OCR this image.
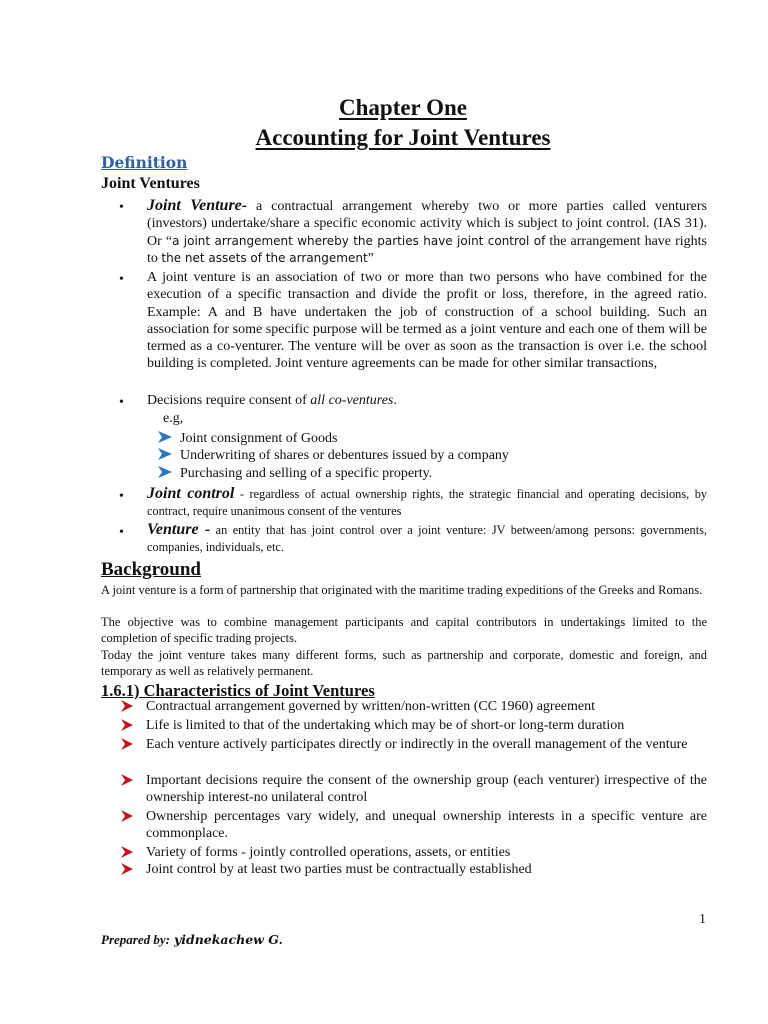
Chapter One
Accounting for Joint Ventures
Definition
Joint Ventures
• Joint Venture- a contractual arrangement whereby two or more parties called venturers (investors) undertake/share a specific economic activity which is subject to joint control. (IAS 31). Or “a joint arrangement whereby the parties have joint control of the arrangement have rights to the net assets of the arrangement”
• A joint venture is an association of two or more than two persons who have combined for the execution of a specific transaction and divide the profit or loss, therefore, in the agreed ratio. Example: A and B have undertaken the job of construction of a school building. Such an association for some specific purpose will be termed as a joint venture and each one of them will be termed as a co-venturer. The venture will be over as soon as the transaction is over i.e. the school building is completed. Joint venture agreements can be made for other similar transactions,
• Decisions require consent of all co-ventures.
e.g,
Joint consignment of Goods
Underwriting of shares or debentures issued by a company
Purchasing and selling of a specific property.
• Joint control - regardless of actual ownership rights, the strategic financial and operating decisions, by contract, require unanimous consent of the ventures
• Venture - an entity that has joint control over a joint venture: JV between/among persons: governments, companies, individuals, etc.
Background
A joint venture is a form of partnership that originated with the maritime trading expeditions of the Greeks and Romans.
The objective was to combine management participants and capital contributors in undertakings limited to the completion of specific trading projects.
Today the joint venture takes many different forms, such as partnership and corporate, domestic and foreign, and temporary as well as relatively permanent.
1.6.1) Characteristics of Joint Ventures
Contractual arrangement governed by written/non-written (CC 1960) agreement
Life is limited to that of the undertaking which may be of short-or long-term duration
Each venture actively participates directly or indirectly in the overall management of the venture
Important decisions require the consent of the ownership group (each venturer) irrespective of the ownership interest-no unilateral control
Ownership percentages vary widely, and unequal ownership interests in a specific venture are commonplace.
Variety of forms - jointly controlled operations, assets, or entities
Joint control by at least two parties must be contractually established
1
Prepared by: yidnekachew G.
